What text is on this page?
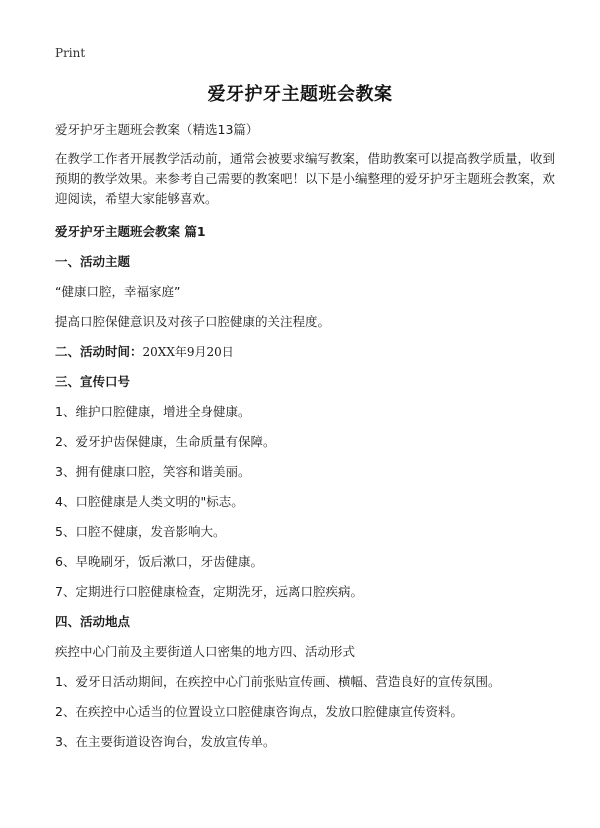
Print
爱牙护牙主题班会教案

爱牙护牙主题班会教案（精选13篇）

在教学工作者开展教学活动前，通常会被要求编写教案，借助教案可以提高教学质量，收到预期的教学效果。来参考自己需要的教案吧！以下是小编整理的爱牙护牙主题班会教案，欢迎阅读，希望大家能够喜欢。

爱牙护牙主题班会教案 篇1

一、活动主题

“健康口腔，幸福家庭”

提高口腔保健意识及对孩子口腔健康的关注程度。

二、活动时间：20XX年9月20日

三、宣传口号

1、维护口腔健康，增进全身健康。
2、爱牙护齿保健康，生命质量有保障。
3、拥有健康口腔，笑容和谐美丽。
4、口腔健康是人类文明的"标志。
5、口腔不健康，发音影响大。
6、早晚刷牙，饭后漱口，牙齿健康。
7、定期进行口腔健康检查，定期洗牙，远离口腔疾病。

四、活动地点

疾控中心门前及主要街道人口密集的地方四、活动形式

1、爱牙日活动期间，在疾控中心门前张贴宣传画、横幅、营造良好的宣传氛围。
2、在疾控中心适当的位置设立口腔健康咨询点，发放口腔健康宣传资料。
3、在主要街道设咨询台，发放宣传单。
